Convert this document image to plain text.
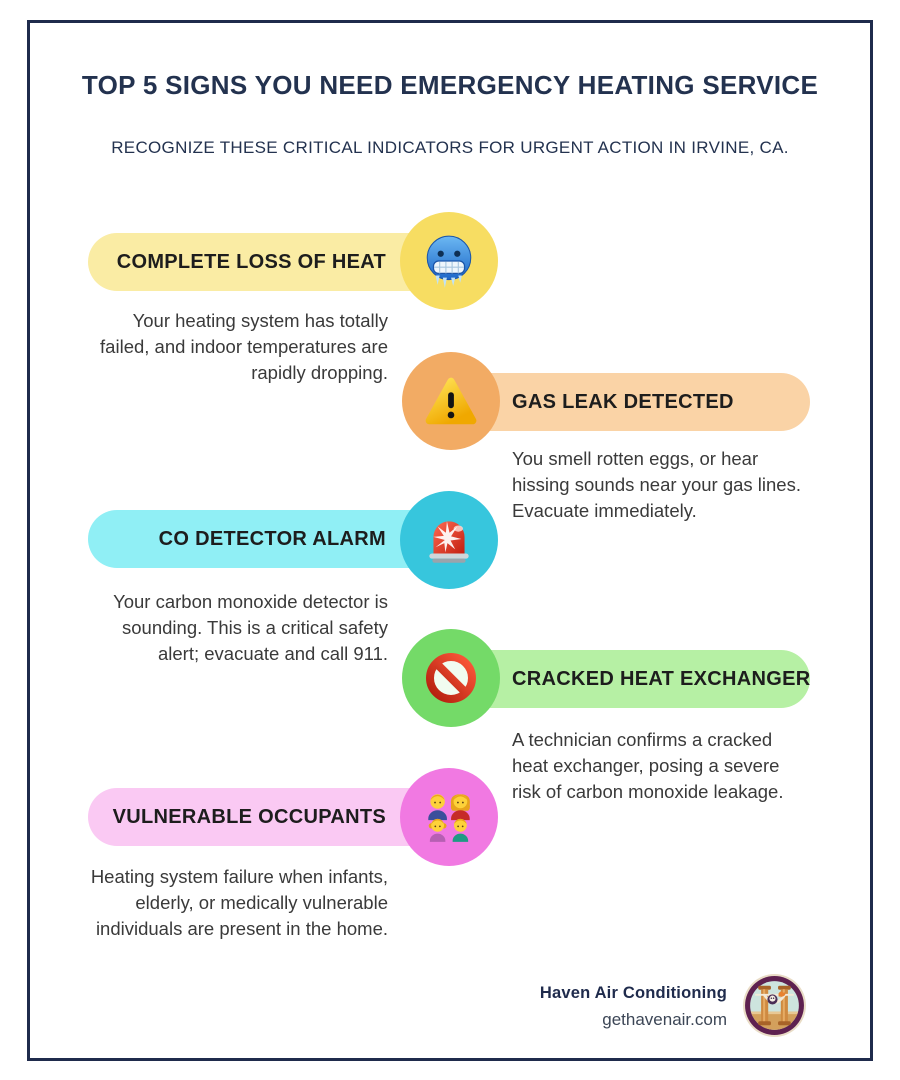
TOP 5 SIGNS YOU NEED EMERGENCY HEATING SERVICE
RECOGNIZE THESE CRITICAL INDICATORS FOR URGENT ACTION IN IRVINE, CA.
COMPLETE LOSS OF HEAT

Your heating system has totally failed, and indoor temperatures are rapidly dropping.

GAS LEAK DETECTED

You smell rotten eggs, or hear hissing sounds near your gas lines. Evacuate immediately.

CO DETECTOR ALARM

Your carbon monoxide detector is sounding. This is a critical safety alert; evacuate and call 911.

CRACKED HEAT EXCHANGER

A technician confirms a cracked heat exchanger, posing a severe risk of carbon monoxide leakage.

VULNERABLE OCCUPANTS

Heating system failure when infants, elderly, or medically vulnerable individuals are present in the home.

Haven Air Conditioning
gethavenair.com
